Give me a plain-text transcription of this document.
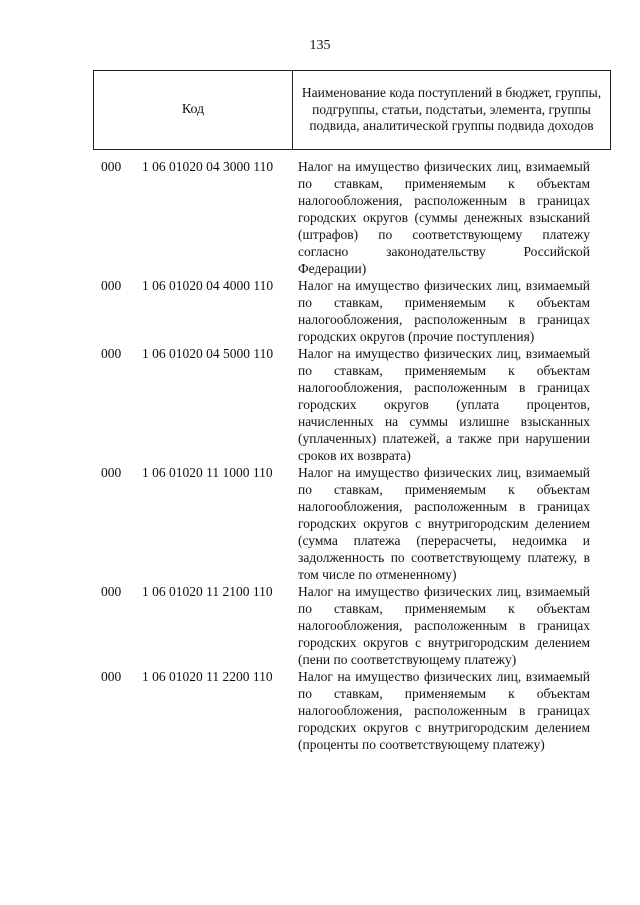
135
Код
Наименование кода поступлений в бюджет, группы, подгруппы, статьи, подстатьи, элемента, группы подвида, аналитической группы подвида доходов
000 1 06 01020 04 3000 110 Налог на имущество физических лиц, взимаемый по ставкам, применяемым к объектам налогообложения, расположенным в границах городских округов (суммы денежных взысканий (штрафов) по соответствующему платежу согласно законодательству Российской Федерации)
000 1 06 01020 04 4000 110 Налог на имущество физических лиц, взимаемый по ставкам, применяемым к объектам налогообложения, расположенным в границах городских округов (прочие поступления)
000 1 06 01020 04 5000 110 Налог на имущество физических лиц, взимаемый по ставкам, применяемым к объектам налогообложения, расположенным в границах городских округов (уплата процентов, начисленных на суммы излишне взысканных (уплаченных) платежей, а также при нарушении сроков их возврата)
000 1 06 01020 11 1000 110 Налог на имущество физических лиц, взимаемый по ставкам, применяемым к объектам налогообложения, расположенным в границах городских округов с внутригородским делением (сумма платежа (перерасчеты, недоимка и задолженность по соответствующему платежу, в том числе по отмененному)
000 1 06 01020 11 2100 110 Налог на имущество физических лиц, взимаемый по ставкам, применяемым к объектам налогообложения, расположенным в границах городских округов с внутригородским делением (пени по соответствующему платежу)
000 1 06 01020 11 2200 110 Налог на имущество физических лиц, взимаемый по ставкам, применяемым к объектам налогообложения, расположенным в границах городских округов с внутригородским делением (проценты по соответствующему платежу)
